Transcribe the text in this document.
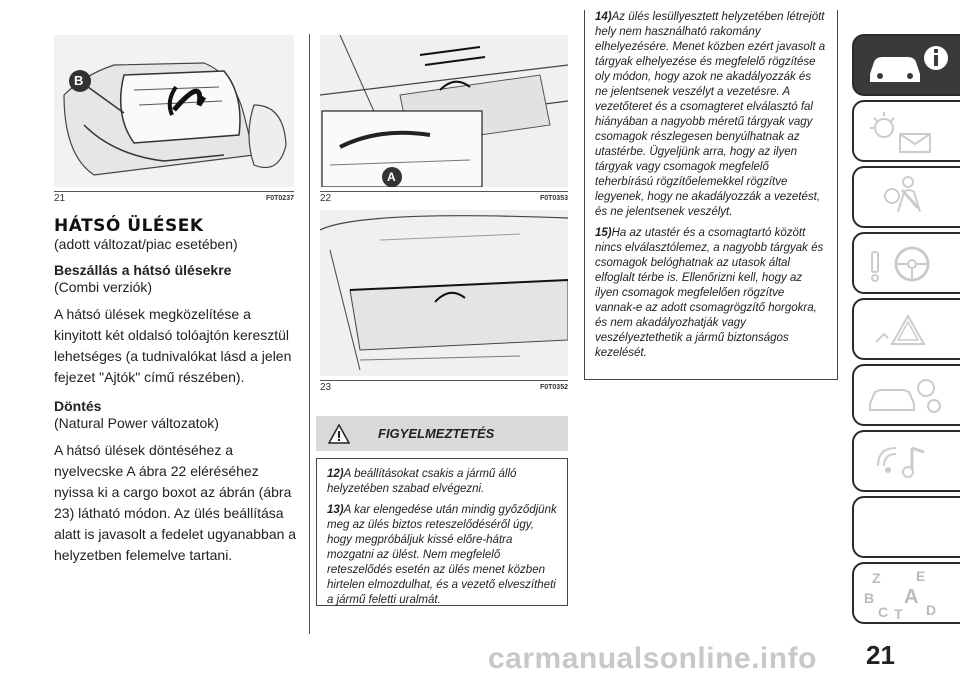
B
21	F0T0237
HÁTSÓ ÜLÉSEK
(adott változat/piac esetében)
Beszállás a hátsó ülésekre
(Combi verziók)

A hátsó ülések megközelítése a kinyitott két oldalsó tolóajtón keresztül lehetséges (a tudnivalókat lásd a jelen fejezet "Ajtók" című részében).

Döntés
(Natural Power változatok)

A hátsó ülések döntéséhez a nyelvecske A ábra 22 eléréséhez nyissa ki a cargo boxot az ábrán (ábra 23) látható módon. Az ülés beállítása alatt is javasolt a fedelet ugyanabban a helyzetben felemelve tartani.

A
22	F0T0353
23	F0T0352
FIGYELMEZTETÉS

12)A beállításokat csakis a jármű álló helyzetében szabad elvégezni.

13)A kar elengedése után mindig győződjünk meg az ülés biztos reteszelődéséről úgy, hogy megpróbáljuk kissé előre-hátra mozgatni az ülést. Nem megfelelő reteszelődés esetén az ülés menet közben hirtelen elmozdulhat, és a vezető elveszítheti a jármű feletti uralmát.

14)Az ülés lesüllyesztett helyzetében létrejött hely nem használható rakomány elhelyezésére. Menet közben ezért javasolt a tárgyak elhelyezése és megfelelő rögzítése oly módon, hogy azok ne akadályozzák és ne jelentsenek veszélyt a vezetésre. A vezetőteret és a csomagteret elválasztó fal hiányában a nagyobb méretű tárgyak vagy csomagok részlegesen benyúlhatnak az utastérbe. Ügyeljünk arra, hogy az ilyen tárgyak vagy csomagok megfelelő teherbírású rögzítőelemekkel rögzítve legyenek, hogy ne akadályozzák a vezetést, és ne jelentsenek veszélyt.

15)Ha az utastér és a csomagtartó között nincs elválasztólemez, a nagyobb tárgyak és csomagok belóghatnak az utasok által elfoglalt térbe is. Ellenőrizni kell, hogy az ilyen csomagok megfelelően rögzítve vannak-e az adott csomagrögzítő horgokra, és nem akadályozhatják vagy veszélyeztethetik a jármű biztonságos kezelését.

Z	E
B A
C T D
carmanualsonline.info 21
